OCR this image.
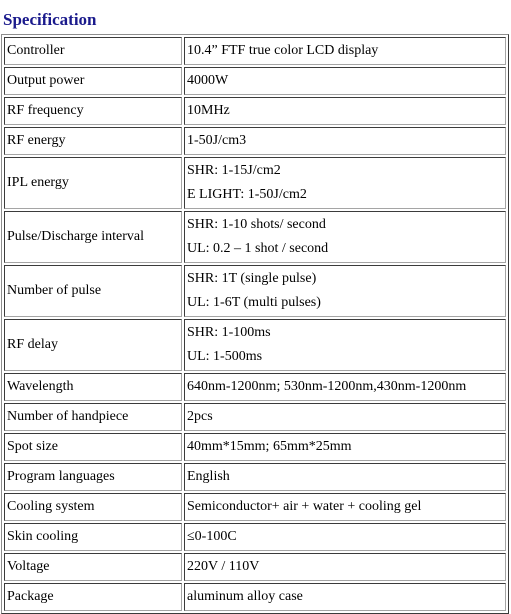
Specification
Controller	10.4” FTF true color LCD display

Output power	4000W

RF frequency	10MHz

RF energy	1-50J/cm3

IPL energy	SHR: 1-15J/cm2
E LIGHT: 1-50J/cm2

Pulse/Discharge interval	SHR: 1-10 shots/ second
UL: 0.2 – 1 shot / second

Number of pulse	SHR: 1T (single pulse)
UL: 1-6T (multi pulses)

RF delay	SHR: 1-100ms
UL: 1-500ms

Wavelength	640nm-1200nm; 530nm-1200nm,430nm-1200nm

Number of handpiece	2pcs

Spot size	40mm*15mm; 65mm*25mm

Program languages	English

Cooling system	Semiconductor+ air + water + cooling gel

Skin cooling	≤0-100C

Voltage	220V / 110V

Package	aluminum alloy case
